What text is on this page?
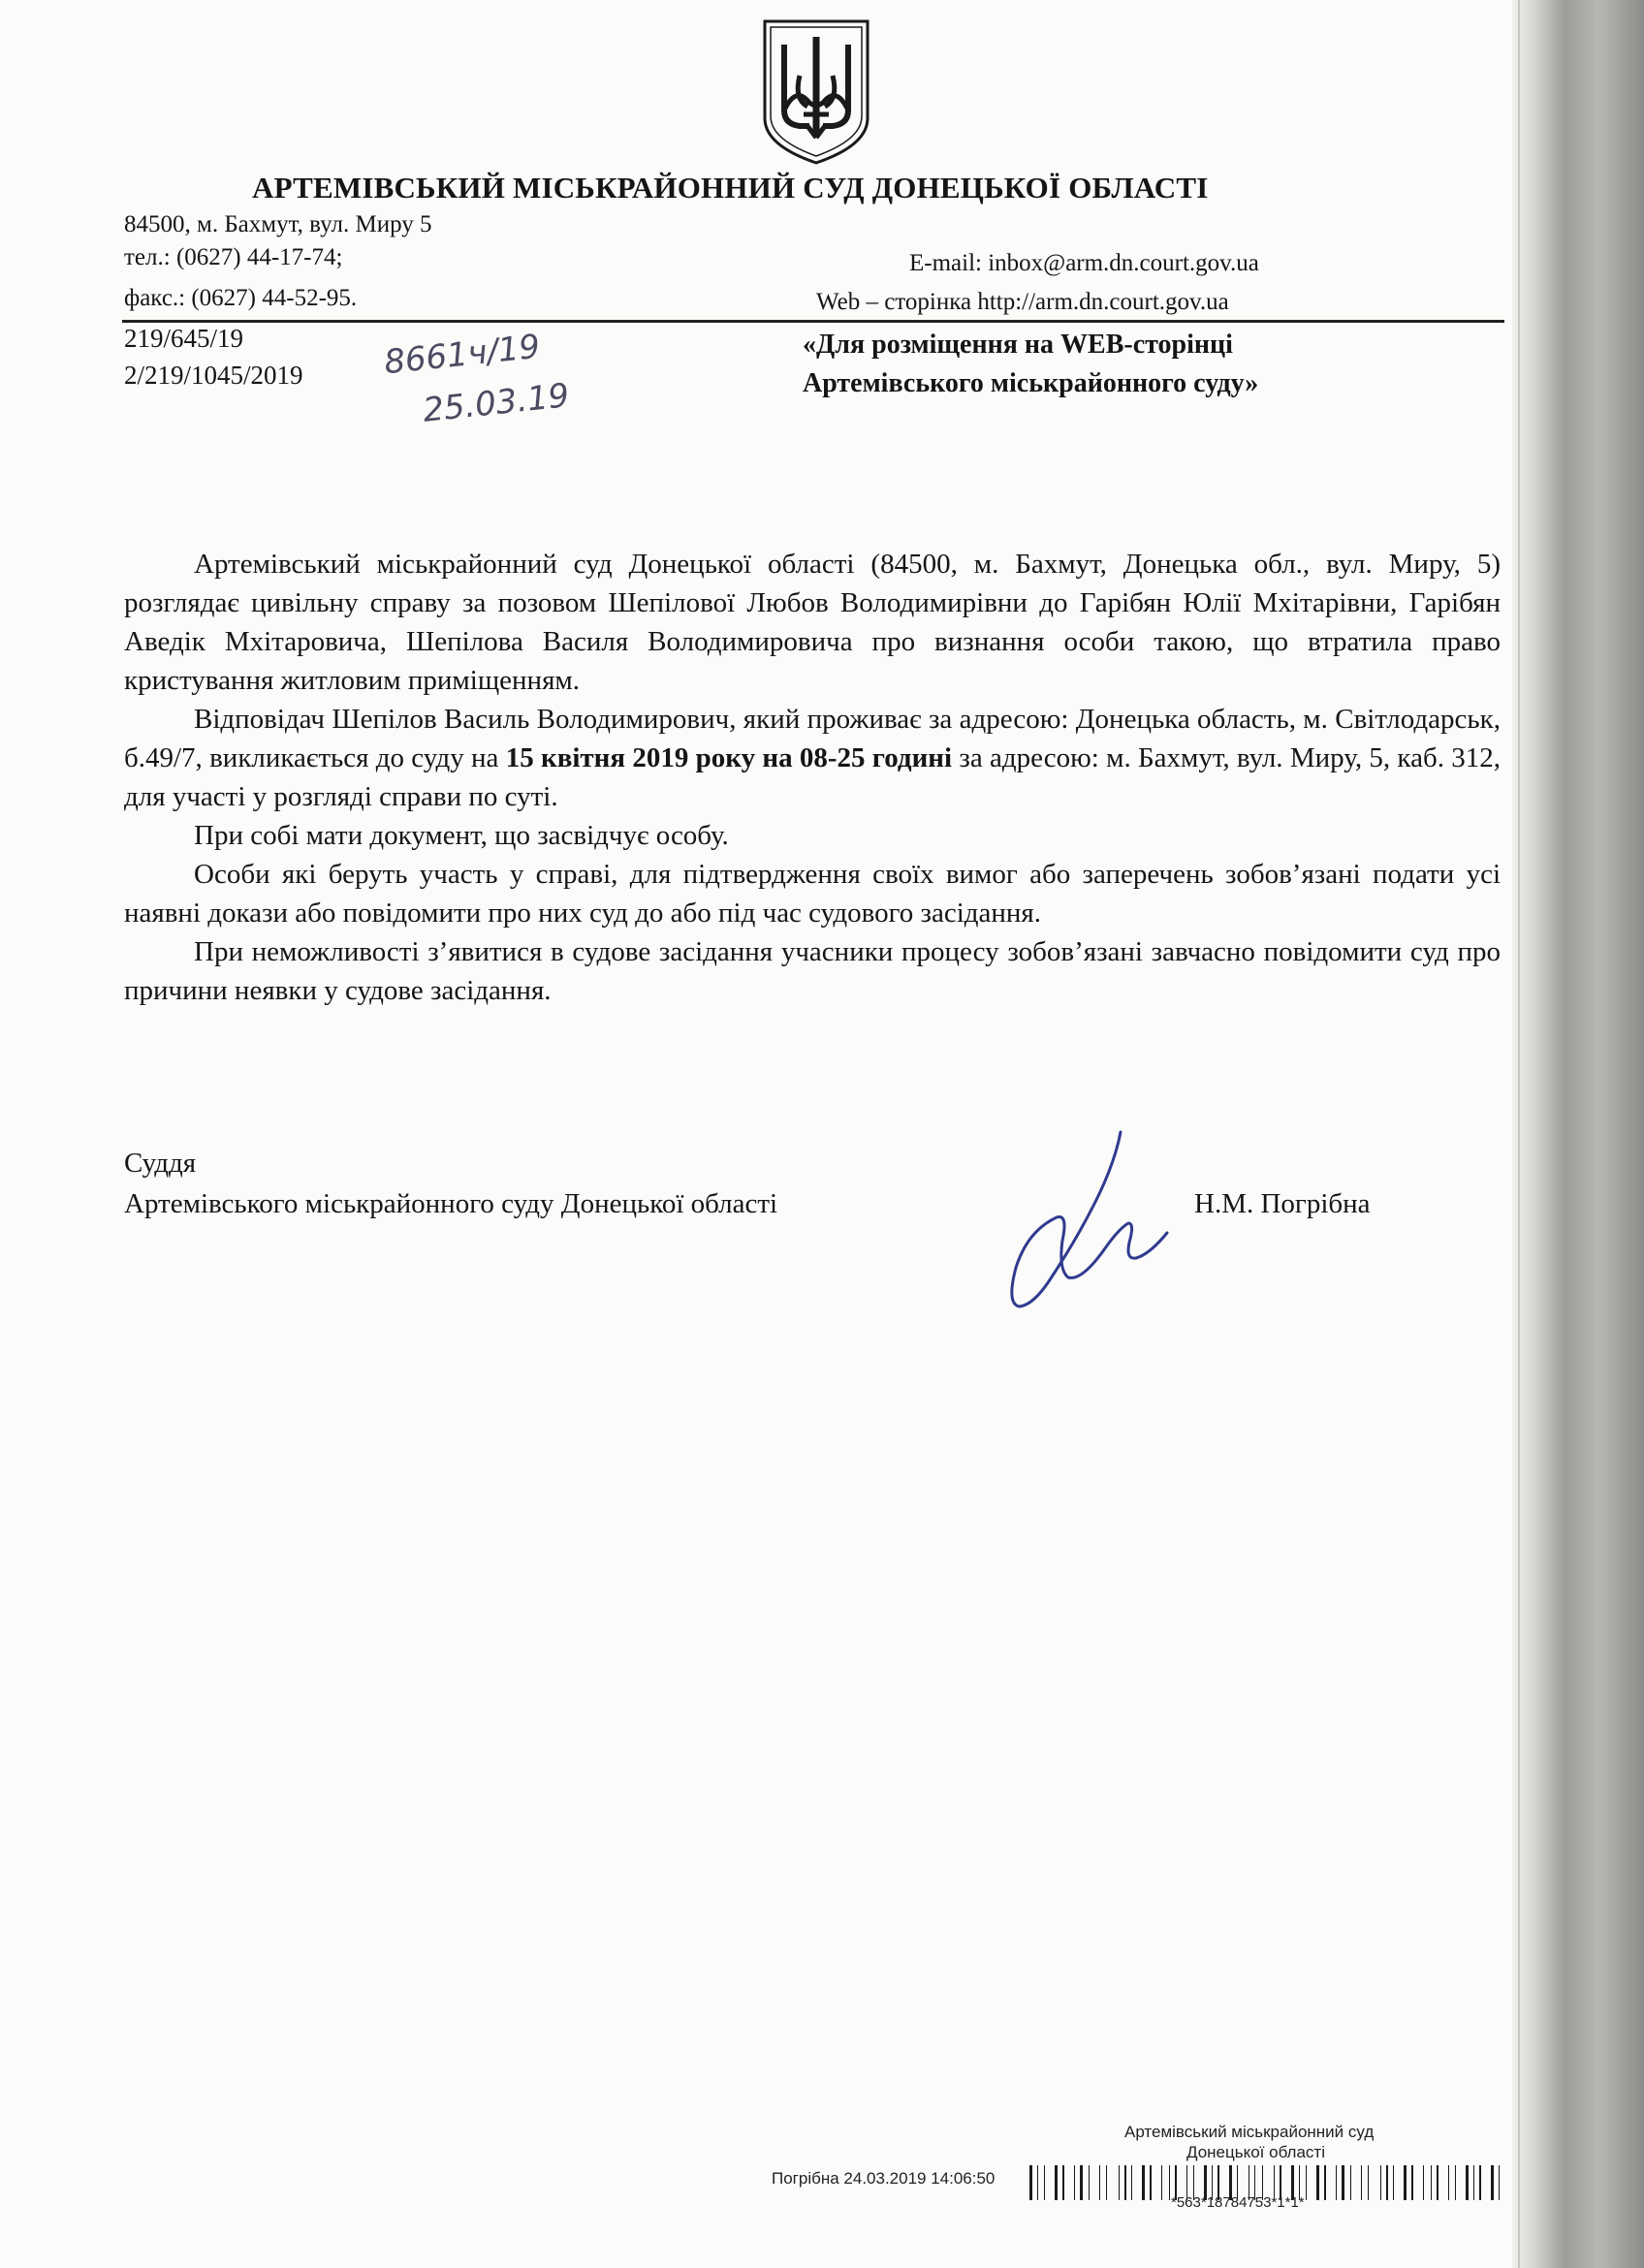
АРТЕМІВСЬКИЙ МІСЬКРАЙОННИЙ СУД ДОНЕЦЬКОЇ ОБЛАСТІ
84500, м. Бахмут, вул. Миру 5
тел.: (0627) 44-17-74;
факс.: (0627) 44-52-95.
E-mail: inbox@arm.dn.court.gov.ua
Web – сторінка http://arm.dn.court.gov.ua
219/645/19
2/219/1045/2019 8661ч/19
25.03.19
«Для розміщення на WEB-сторінці
Артемівського міськрайонного суду»

Артемівський міськрайонний суд Донецької області (84500, м. Бахмут, Донецька обл., вул. Миру, 5) розглядає цивільну справу за позовом Шепілової Любов Володимирівни до Гарібян Юлії Мхітарівни, Гарібян Аведік Мхітаровича, Шепілова Василя Володимировича про визнання особи такою, що втратила право кристування житловим приміщенням.

Відповідач Шепілов Василь Володимирович, який проживає за адресою: Донецька область, м. Світлодарськ, б.49/7, викликається до суду на 15 квітня 2019 року на 08-25 годині за адресою: м. Бахмут, вул. Миру, 5, каб. 312, для участі у розгляді справи по суті.

При собі мати документ, що засвідчує особу.

Особи які беруть участь у справі, для підтвердження своїх вимог або заперечень зобов’язані подати усі наявні докази або повідомити про них суд до або під час судового засідання.

При неможливості з’явитися в судове засідання учасники процесу зобов’язані завчасно повідомити суд про причини неявки у судове засідання.

Суддя
Артемівського міськрайонного суду Донецької області	Н.М. Погрібна
Артемівський міськрайонний суд
Донецької області
Погрібна 24.03.2019 14:06:50
*563*18784753*1*1*
